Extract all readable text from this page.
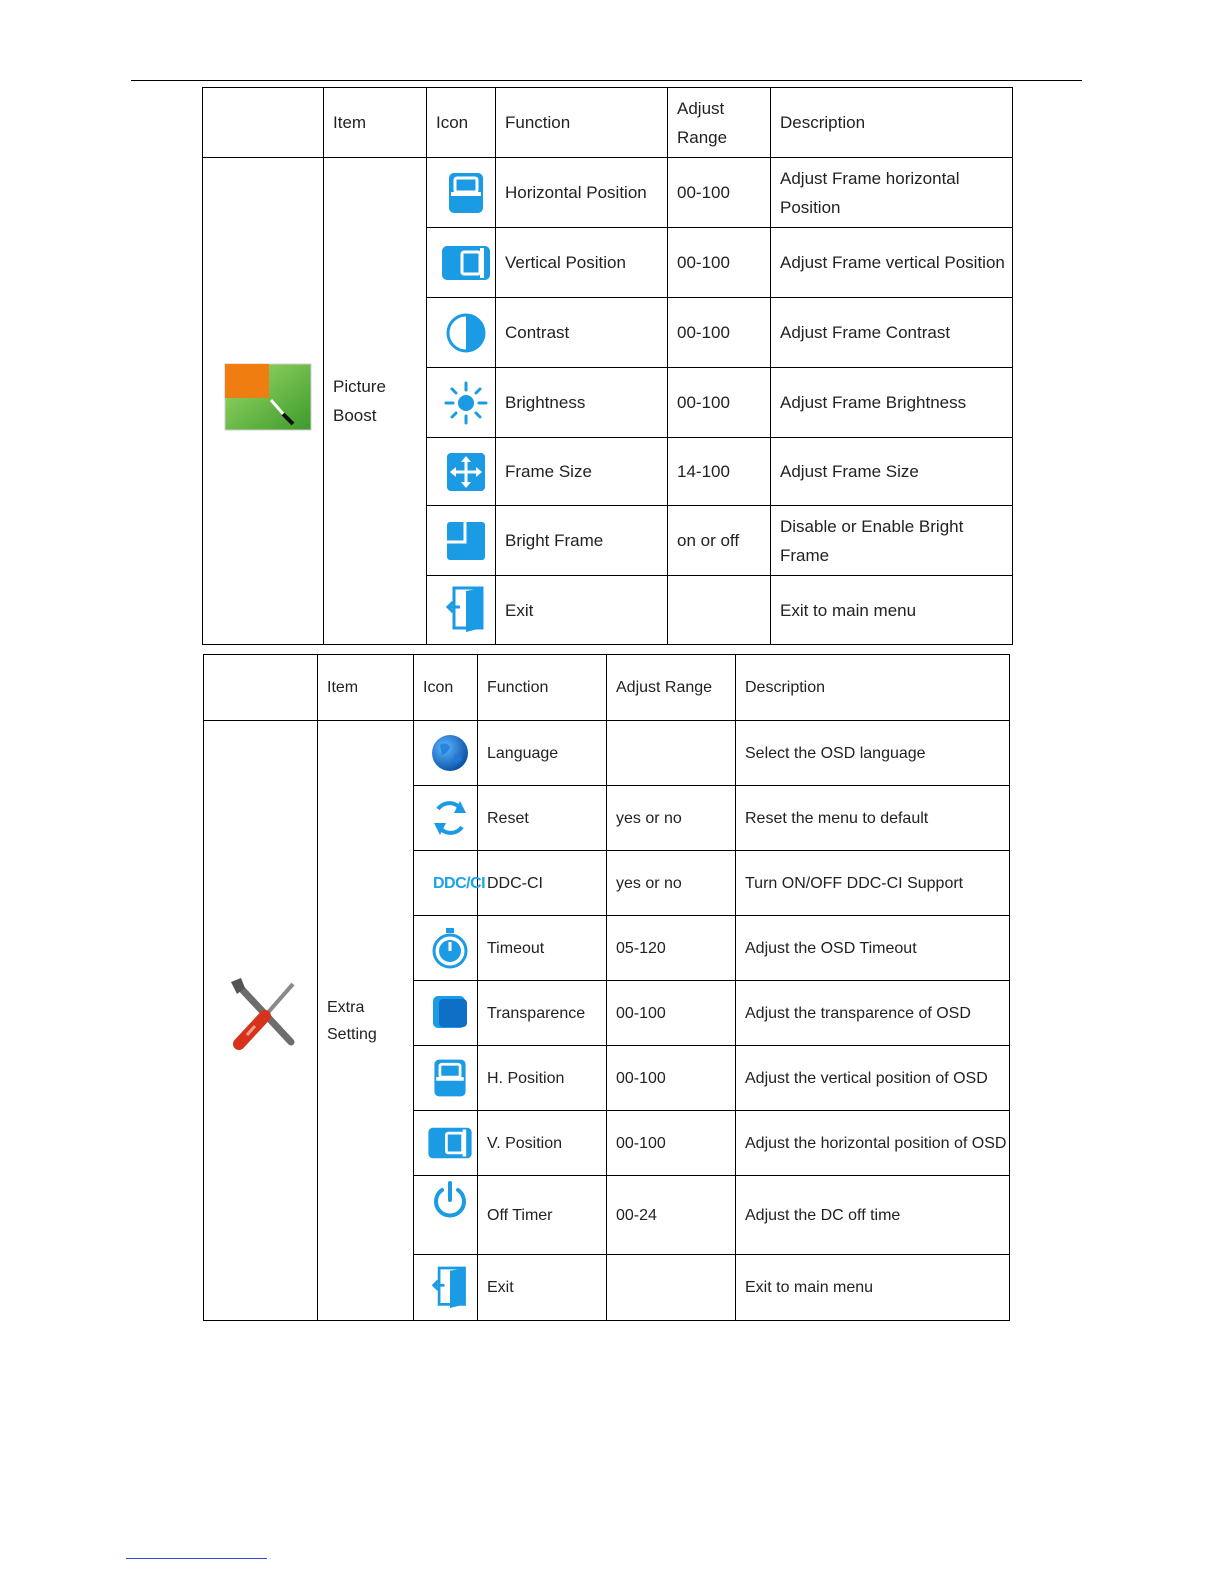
	Item	Icon	Function	Adjust Range	Description
	Picture Boost		Horizontal Position	00-100	Adjust Frame horizontal Position

	Vertical Position	00-100	Adjust Frame vertical Position

	Contrast	00-100	Adjust Frame Contrast

	Brightness	00-100	Adjust Frame Brightness

	Frame Size	14-100	Adjust Frame Size

	Bright Frame	on or off	Disable or Enable Bright Frame

	Exit		Exit to main menu
	Item	Icon	Function	Adjust Range	Description
	Extra Setting		Language		Select the OSD language

	Reset	yes or no	Reset the menu to default

		DDC/CI	DDC-CI	yes or no	Turn ON/OFF DDC-CI Support

	Timeout	05-120	Adjust the OSD Timeout

	Transparence	00-100	Adjust the transparence of OSD

	H. Position	00-100	Adjust the vertical position of OSD

	V. Position	00-100	Adjust the horizontal position of OSD

	Off Timer	00-24	Adjust the DC off time

	Exit		Exit to main menu
